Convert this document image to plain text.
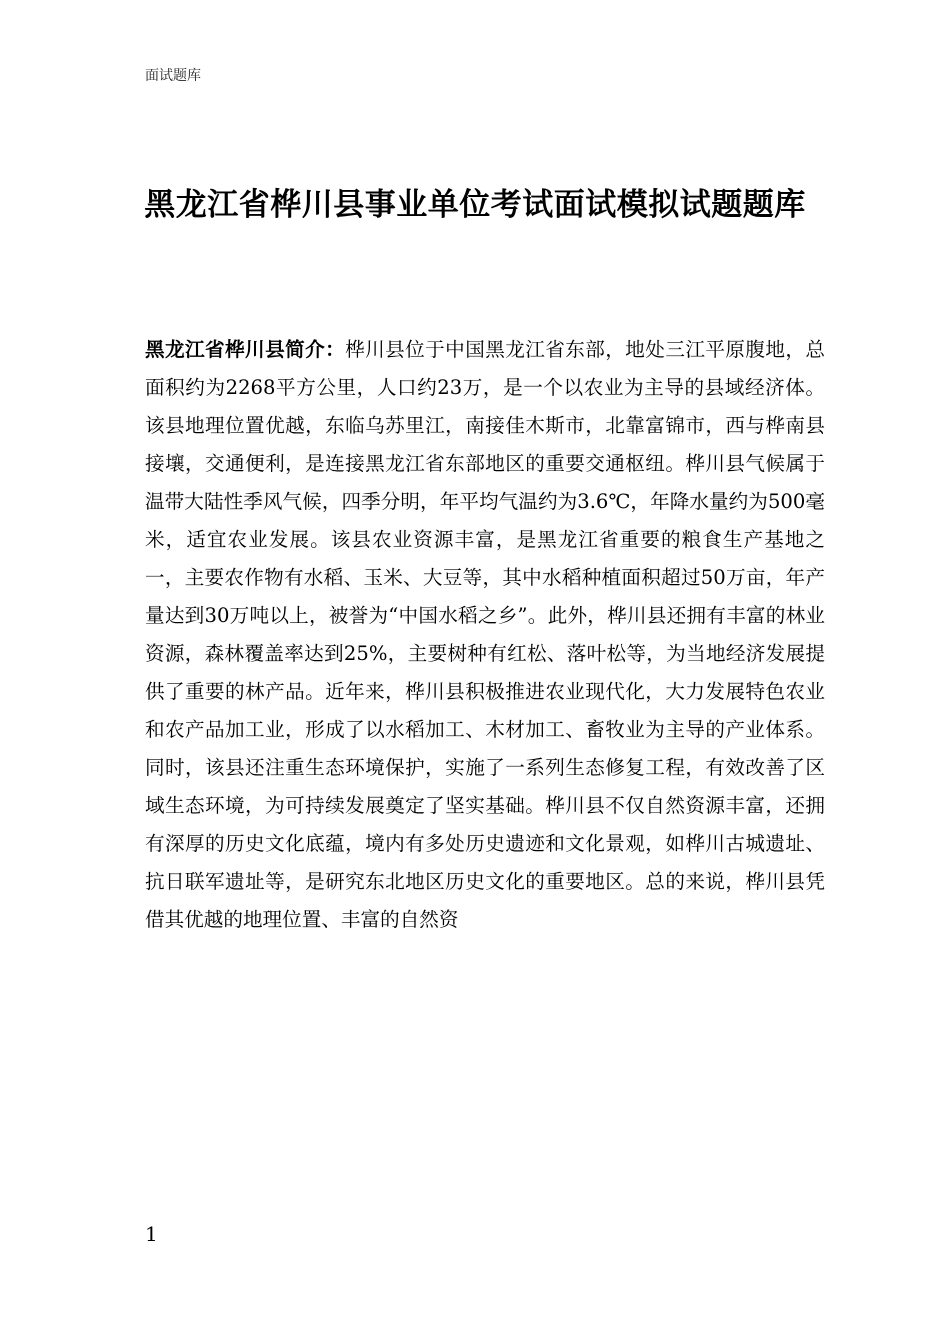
面试题库
黑龙江省桦川县事业单位考试面试模拟试题题库
黑龙江省桦川县简介：桦川县位于中国黑龙江省东部，地处三江平原腹地，总面积约为2268平方公里，人口约23万，是一个以农业为主导的县域经济体。该县地理位置优越，东临乌苏里江，南接佳木斯市，北靠富锦市，西与桦南县接壤，交通便利，是连接黑龙江省东部地区的重要交通枢纽。桦川县气候属于温带大陆性季风气候，四季分明，年平均气温约为3.6℃，年降水量约为500毫米，适宜农业发展。该县农业资源丰富，是黑龙江省重要的粮食生产基地之一，主要农作物有水稻、玉米、大豆等，其中水稻种植面积超过50万亩，年产量达到30万吨以上，被誉为“中国水稻之乡”。此外，桦川县还拥有丰富的林业资源，森林覆盖率达到25%，主要树种有红松、落叶松等，为当地经济发展提供了重要的林产品。近年来，桦川县积极推进农业现代化，大力发展特色农业和农产品加工业，形成了以水稻加工、木材加工、畜牧业为主导的产业体系。同时，该县还注重生态环境保护，实施了一系列生态修复工程，有效改善了区域生态环境，为可持续发展奠定了坚实基础。桦川县不仅自然资源丰富，还拥有深厚的历史文化底蕴，境内有多处历史遗迹和文化景观，如桦川古城遗址、抗日联军遗址等，是研究东北地区历史文化的重要地区。总的来说，桦川县凭借其优越的地理位置、丰富的自然资
1
